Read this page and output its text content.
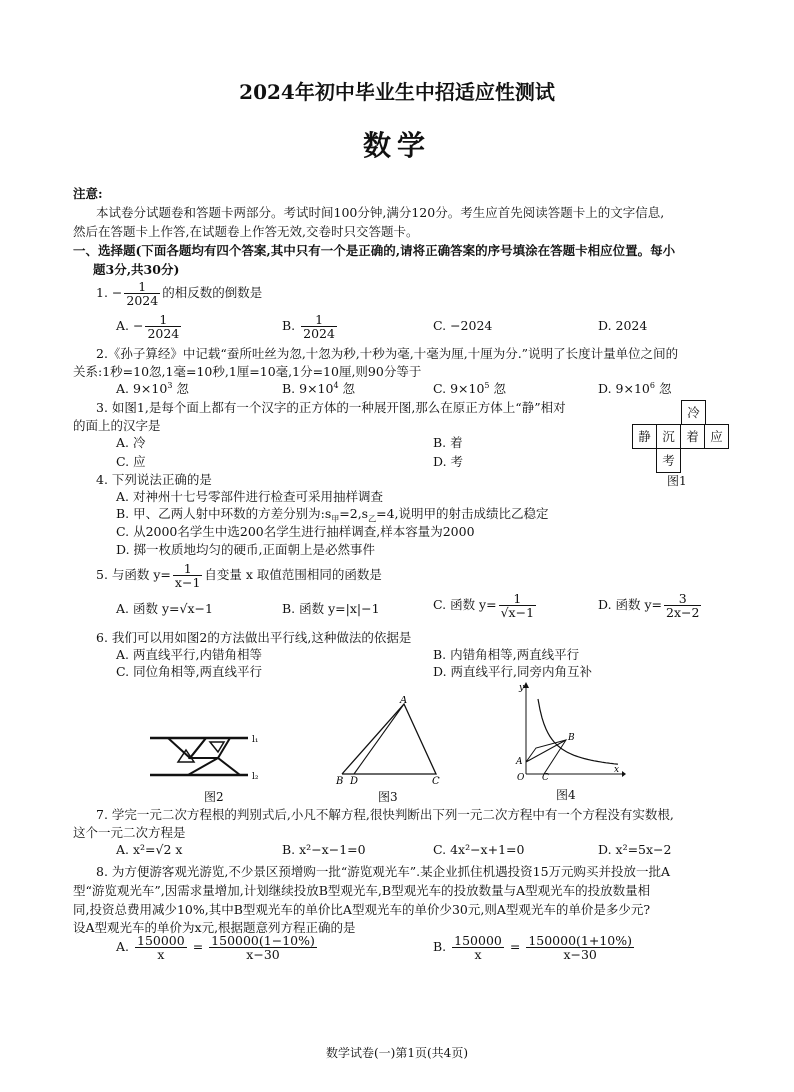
2024年初中毕业生中招适应性测试
数学
注意:
本试卷分试题卷和答题卡两部分。考试时间100分钟,满分120分。考生应首先阅读答题卡上的文字信息,
然后在答题卡上作答,在试题卷上作答无效,交卷时只交答题卡。
一、选择题(下面各题均有四个答案,其中只有一个是正确的,请将正确答案的序号填涂在答题卡相应位置。每小
题3分,共30分)
1. − $\frac{1}{2024}$ 的相反数的倒数是
A. − $\frac{1}{2024}$	B. $\frac{1}{2024}$	C. −2024	D. 2024
2.《孙子算经》中记载“蚕所吐丝为忽,十忽为秒,十秒为毫,十毫为厘,十厘为分.”说明了长度计量单位之间的
关系:1秒=10忽,1毫=10秒,1厘=10毫,1分=10厘,则90分等于
A. $9\times 10^3$ 忽	B. $9\times 10^4$ 忽	C. $9\times 10^5$ 忽	D. $9\times 10^6$ 忽
3. 如图1,是每个面上都有一个汉字的正方体的一种展开图,那么在原正方体上“静”相对
的面上的汉字是
A. 冷	B. 着
C. 应	D. 考
冷
静 沉 着 应
考
图1
4. 下列说法正确的是
A. 对神州十七号零部件进行检查可采用抽样调查
B. 甲、乙两人射中环数的方差分别为$:s_甲=2,s_乙=4$,说明甲的射击成绩比乙稳定
C. 从2000名学生中选200名学生进行抽样调查,样本容量为2000
D. 掷一枚质地均匀的硬币,正面朝上是必然事件
5. 与函数 $y= \frac{1}{x-1}$ 自变量 x 取值范围相同的函数是
A. 函数 y=√x−1	B. 函数 y=|x|−1	C. 函数 $y= \frac{1}{√x-1}$	D. 函数 $y= \frac{3}{2x-2}$
6. 我们可以用如图2的方法做出平行线,这种做法的依据是
A. 两直线平行,内错角相等	B. 内错角相等,两直线平行
C. 同位角相等,两直线平行	D. 两直线平行,同旁内角互补
l₁
l₂
图2
A
B D	C
图3
y
x
O
A
B
C
图4
7. 学完一元二次方程根的判别式后,小凡不解方程,很快判断出下列一元二次方程中有一个方程没有实数根,
这个一元二次方程是
A. x²=√2 x	B. x²−x−1=0	C. 4x²−x+1=0	D. x²=5x−2
8. 为方便游客观光游览,不少景区预增购一批“游览观光车”.某企业抓住机遇投资15万元购买并投放一批A
型“游览观光车”,因需求量增加,计划继续投放B型观光车,B型观光车的投放数量与A型观光车的投放数量相
同,投资总费用减少10%,其中B型观光车的单价比A型观光车的单价少30元,则A型观光车的单价是多少元?
设A型观光车的单价为x元,根据题意列方程正确的是
A. $\frac{150000}{x} = \frac{150000(1-10\%)}{x-30}$	B. $\frac{150000}{x} = \frac{150000(1+10\%)}{x-30}$
数学试卷(一)第1页(共4页)
